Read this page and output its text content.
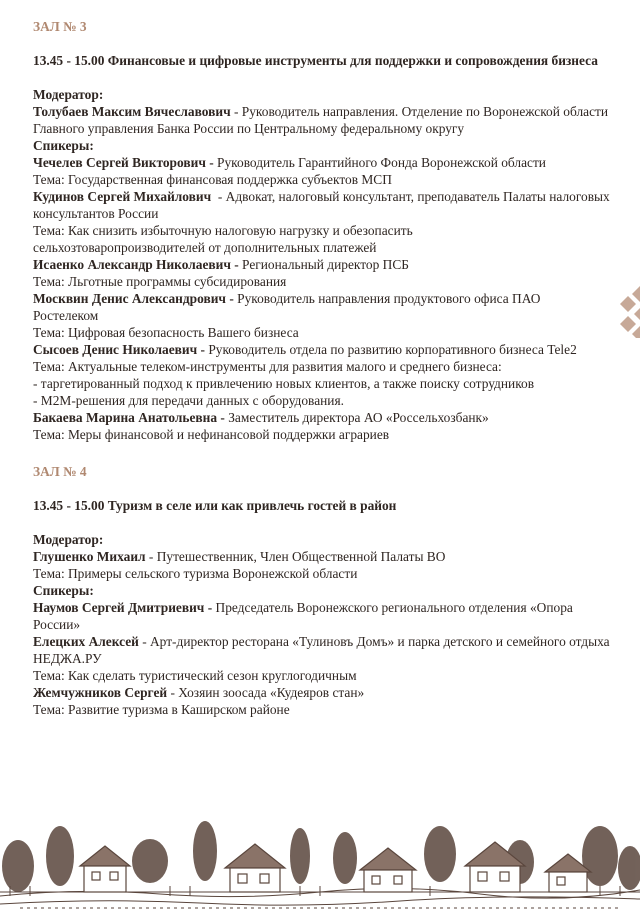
ЗАЛ № 3

13.45 - 15.00 Финансовые и цифровые инструменты для поддержки и сопровождения бизнеса

Модератор:

Толубаев Максим Вячеславович - Руководитель направления. Отделение по Воронежской области Главного управления Банка России по Центральному федеральному округу

Спикеры:

Чечелев Сергей Викторович - Руководитель Гарантийного Фонда Воронежской области

Тема: Государственная финансовая поддержка субъектов МСП

Кудинов Сергей Михайлович  - Адвокат, налоговый консультант, преподаватель Палаты налоговых консультантов России

Тема: Как снизить избыточную налоговую нагрузку и обезопасить сельхозтоваропроизводителей от дополнительных платежей

Исаенко Александр Николаевич - Региональный директор ПСБ

Тема: Льготные программы субсидирования

Москвин Денис Александрович - Руководитель направления продуктового офиса ПАО Ростелеком

Тема: Цифровая безопасность Вашего бизнеса

Сысоев Денис Николаевич - Руководитель отдела по развитию корпоративного бизнеса Tele2

Тема: Актуальные телеком-инструменты для развития малого и среднего бизнеса:

- таргетированный подход к привлечению новых клиентов, а также поиску сотрудников

- M2M-решения для передачи данных с оборудования.

Бакаева Марина Анатольевна - Заместитель директора АО «Россельхозбанк»

Тема: Меры финансовой и нефинансовой поддержки аграриев

ЗАЛ № 4

13.45 - 15.00 Туризм в селе или как привлечь гостей в район

Модератор:

Глушенко Михаил - Путешественник, Член Общественной Палаты ВО

Тема: Примеры сельского туризма Воронежской области

Спикеры:

Наумов Сергей Дмитриевич - Председатель Воронежского регионального отделения «Опора России»

Елецких Алексей - Арт-директор ресторана «Тулиновъ Домъ» и парка детского и семейного отдыха НЕДЖА.РУ

Тема: Как сделать туристический сезон круглогодичным

Жемчужников Сергей - Хозяин зоосада «Кудеяров стан»

Тема: Развитие туризма в Каширском районе
